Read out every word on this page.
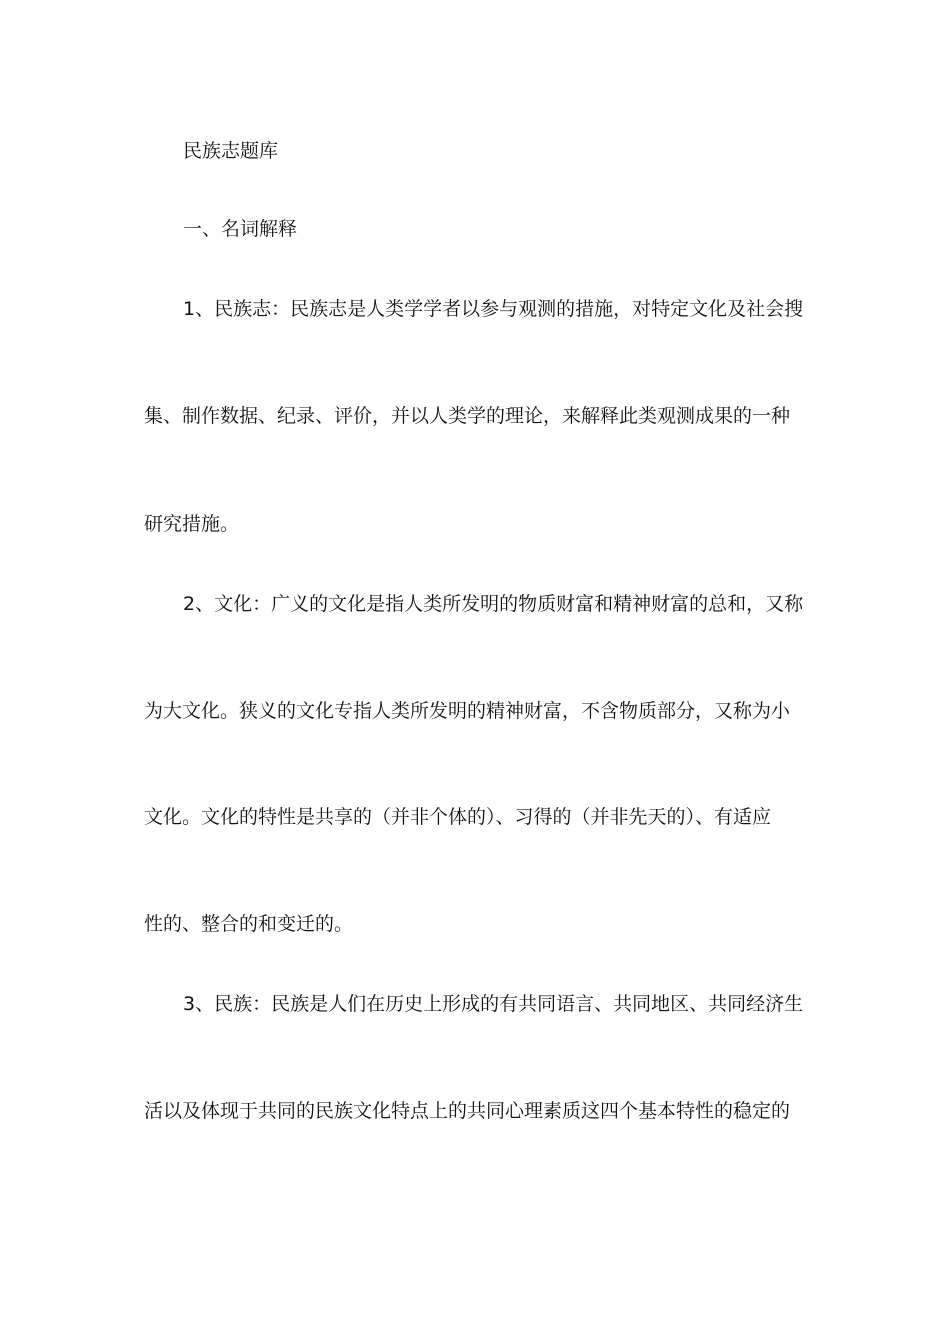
民族志题库
一、名词解释
1、民族志：民族志是人类学学者以参与观测的措施，对特定文化及社会搜
集、制作数据、纪录、评价，并以人类学的理论，来解释此类观测成果的一种
研究措施。
2、文化：广义的文化是指人类所发明的物质财富和精神财富的总和，又称
为大文化。狭义的文化专指人类所发明的精神财富，不含物质部分，又称为小
文化。文化的特性是共享的（并非个体的）、习得的（并非先天的）、有适应
性的、整合的和变迁的。
3、民族：民族是人们在历史上形成的有共同语言、共同地区、共同经济生
活以及体现于共同的民族文化特点上的共同心理素质这四个基本特性的稳定的
